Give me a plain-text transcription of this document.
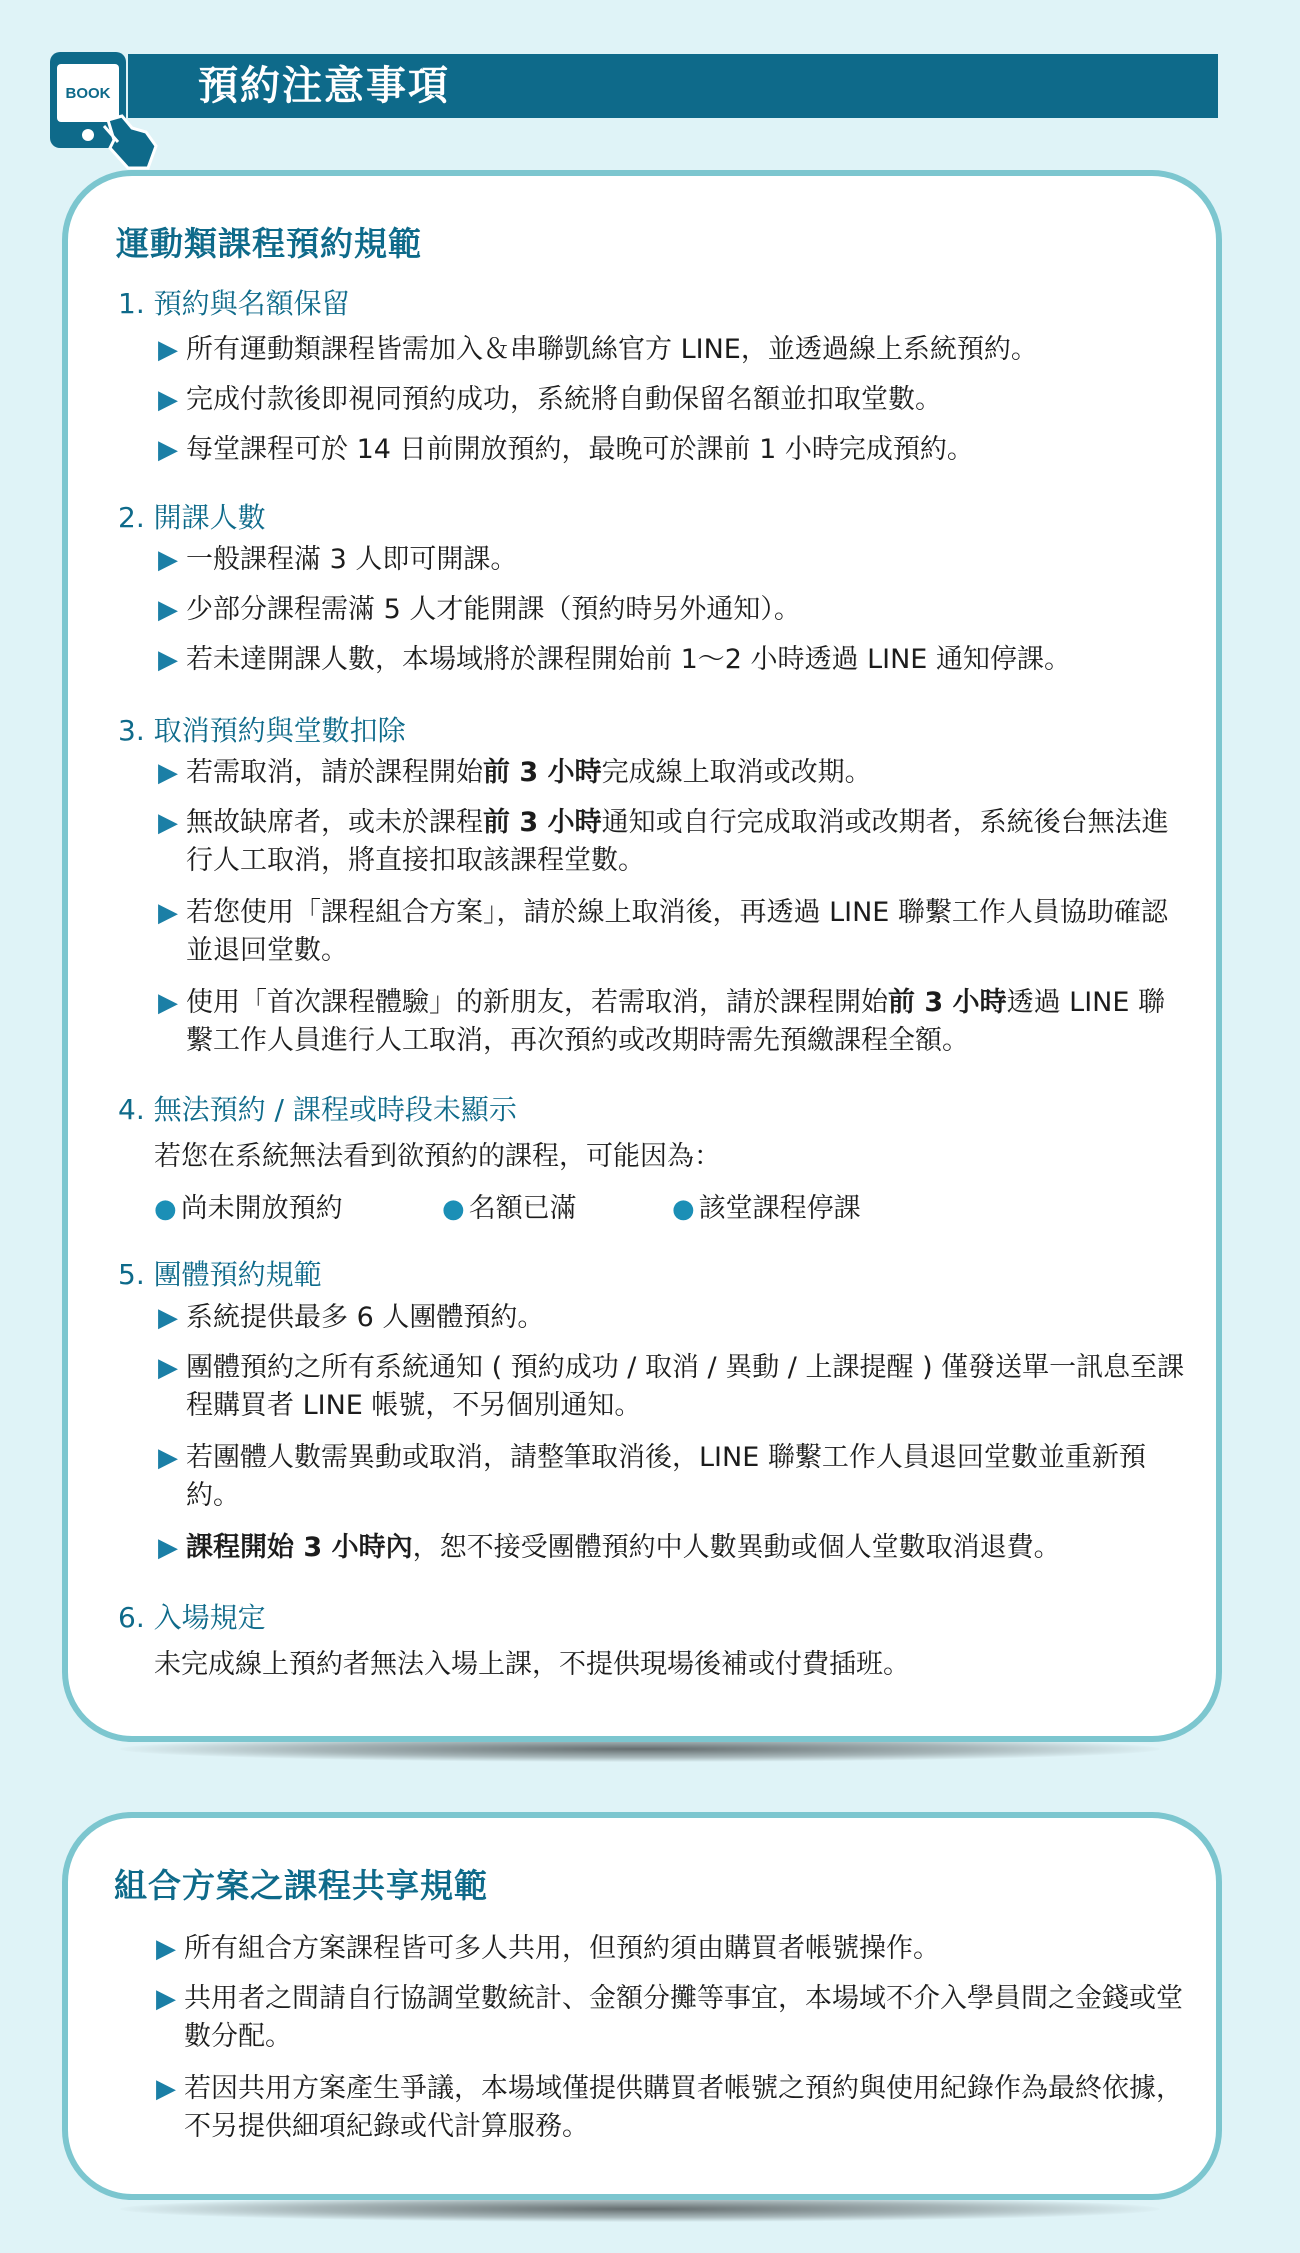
預約注意事項
BOOK
運動類課程預約規範
1. 預約與名額保留
▶ 所有運動類課程皆需加入＆串聯凱絲官方 LINE，並透過線上系統預約。
▶ 完成付款後即視同預約成功，系統將自動保留名額並扣取堂數。
▶ 每堂課程可於 14 日前開放預約，最晚可於課前 1 小時完成預約。
2. 開課人數
▶ 一般課程滿 3 人即可開課。
▶ 少部分課程需滿 5 人才能開課（預約時另外通知）。
▶ 若未達開課人數，本場域將於課程開始前 1～2 小時透過 LINE 通知停課。
3. 取消預約與堂數扣除
▶ 若需取消，請於課程開始前 3 小時完成線上取消或改期。
▶ 無故缺席者，或未於課程前 3 小時通知或自行完成取消或改期者，系統後台無法進行人工取消，將直接扣取該課程堂數。
▶ 若您使用「課程組合方案」，請於線上取消後，再透過 LINE 聯繫工作人員協助確認並退回堂數。
▶ 使用「首次課程體驗」的新朋友，若需取消，請於課程開始前 3 小時透過 LINE 聯繫工作人員進行人工取消，再次預約或改期時需先預繳課程全額。
4. 無法預約 / 課程或時段未顯示
若您在系統無法看到欲預約的課程，可能因為：
● 尚未開放預約	● 名額已滿	● 該堂課程停課
5. 團體預約規範
▶ 系統提供最多 6 人團體預約。
▶ 團體預約之所有系統通知 ( 預約成功 / 取消 / 異動 / 上課提醒 ) 僅發送單一訊息至課程購買者 LINE 帳號，不另個別通知。
▶ 若團體人數需異動或取消，請整筆取消後，LINE 聯繫工作人員退回堂數並重新預約。
▶ 課程開始 3 小時內，恕不接受團體預約中人數異動或個人堂數取消退費。
6. 入場規定
未完成線上預約者無法入場上課，不提供現場後補或付費插班。
組合方案之課程共享規範
▶ 所有組合方案課程皆可多人共用，但預約須由購買者帳號操作。
▶ 共用者之間請自行協調堂數統計、金額分攤等事宜，本場域不介入學員間之金錢或堂數分配。
▶ 若因共用方案產生爭議，本場域僅提供購買者帳號之預約與使用紀錄作為最終依據，不另提供細項紀錄或代計算服務。
